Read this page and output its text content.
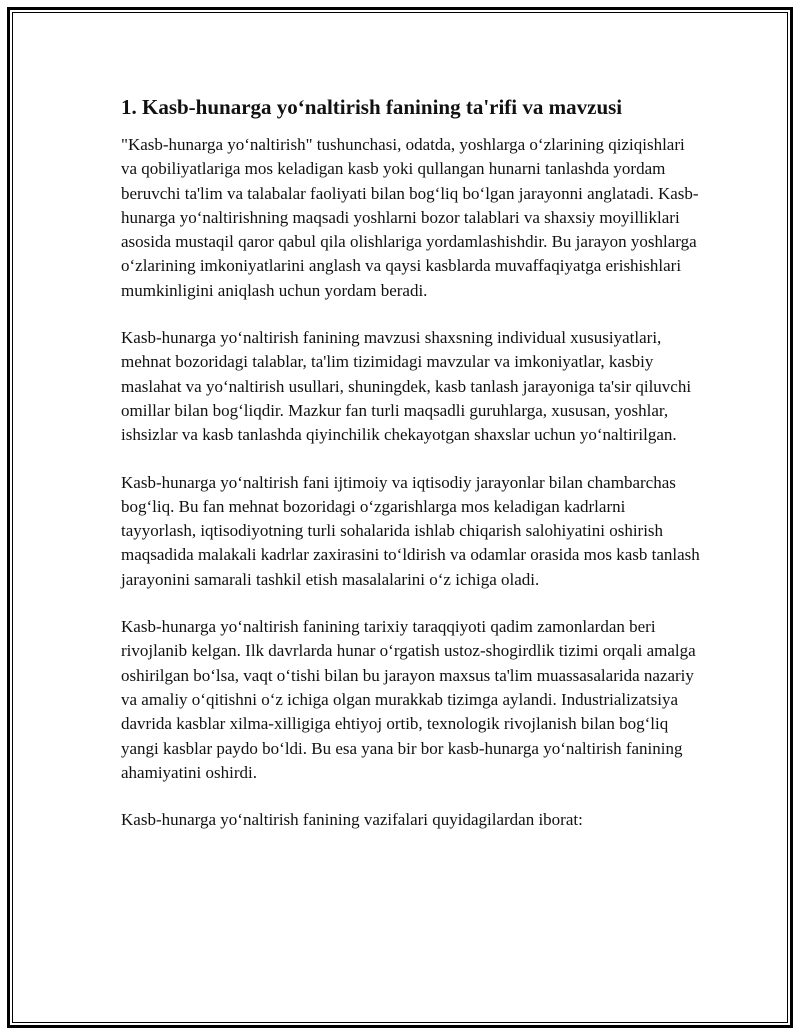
1. Kasb-hunarga yoʻnaltirish fanining ta'rifi va mavzusi

"Kasb-hunarga yoʻnaltirish" tushunchasi, odatda, yoshlarga oʻzlarining qiziqishlari va qobiliyatlariga mos keladigan kasb yoki qullangan hunarni tanlashda yordam beruvchi ta'lim va talabalar faoliyati bilan bogʻliq boʻlgan jarayonni anglatadi. Kasb-hunarga yoʻnaltirishning maqsadi yoshlarni bozor talablari va shaxsiy moyilliklari asosida mustaqil qaror qabul qila olishlariga yordamlashishdir. Bu jarayon yoshlarga oʻzlarining imkoniyatlarini anglash va qaysi kasblarda muvaffaqiyatga erishishlari mumkinligini aniqlash uchun yordam beradi.

Kasb-hunarga yoʻnaltirish fanining mavzusi shaxsning individual xususiyatlari, mehnat bozoridagi talablar, ta'lim tizimidagi mavzular va imkoniyatlar, kasbiy maslahat va yoʻnaltirish usullari, shuningdek, kasb tanlash jarayoniga ta'sir qiluvchi omillar bilan bogʻliqdir. Mazkur fan turli maqsadli guruhlarga, xususan, yoshlar, ishsizlar va kasb tanlashda qiyinchilik chekayotgan shaxslar uchun yoʻnaltirilgan.

Kasb-hunarga yoʻnaltirish fani ijtimoiy va iqtisodiy jarayonlar bilan chambarchas bogʻliq. Bu fan mehnat bozoridagi oʻzgarishlarga mos keladigan kadrlarni tayyorlash, iqtisodiyotning turli sohalarida ishlab chiqarish salohiyatini oshirish maqsadida malakali kadrlar zaxirasini toʻldirish va odamlar orasida mos kasb tanlash jarayonini samarali tashkil etish masalalarini oʻz ichiga oladi.

Kasb-hunarga yoʻnaltirish fanining tarixiy taraqqiyoti qadim zamonlardan beri rivojlanib kelgan. Ilk davrlarda hunar oʻrgatish ustoz-shogirdlik tizimi orqali amalga oshirilgan boʻlsa, vaqt oʻtishi bilan bu jarayon maxsus ta'lim muassasalarida nazariy va amaliy oʻqitishni oʻz ichiga olgan murakkab tizimga aylandi. Industrializatsiya davrida kasblar xilma-xilligiga ehtiyoj ortib, texnologik rivojlanish bilan bogʻliq yangi kasblar paydo boʻldi. Bu esa yana bir bor kasb-hunarga yoʻnaltirish fanining ahamiyatini oshirdi.

Kasb-hunarga yoʻnaltirish fanining vazifalari quyidagilardan iborat:
